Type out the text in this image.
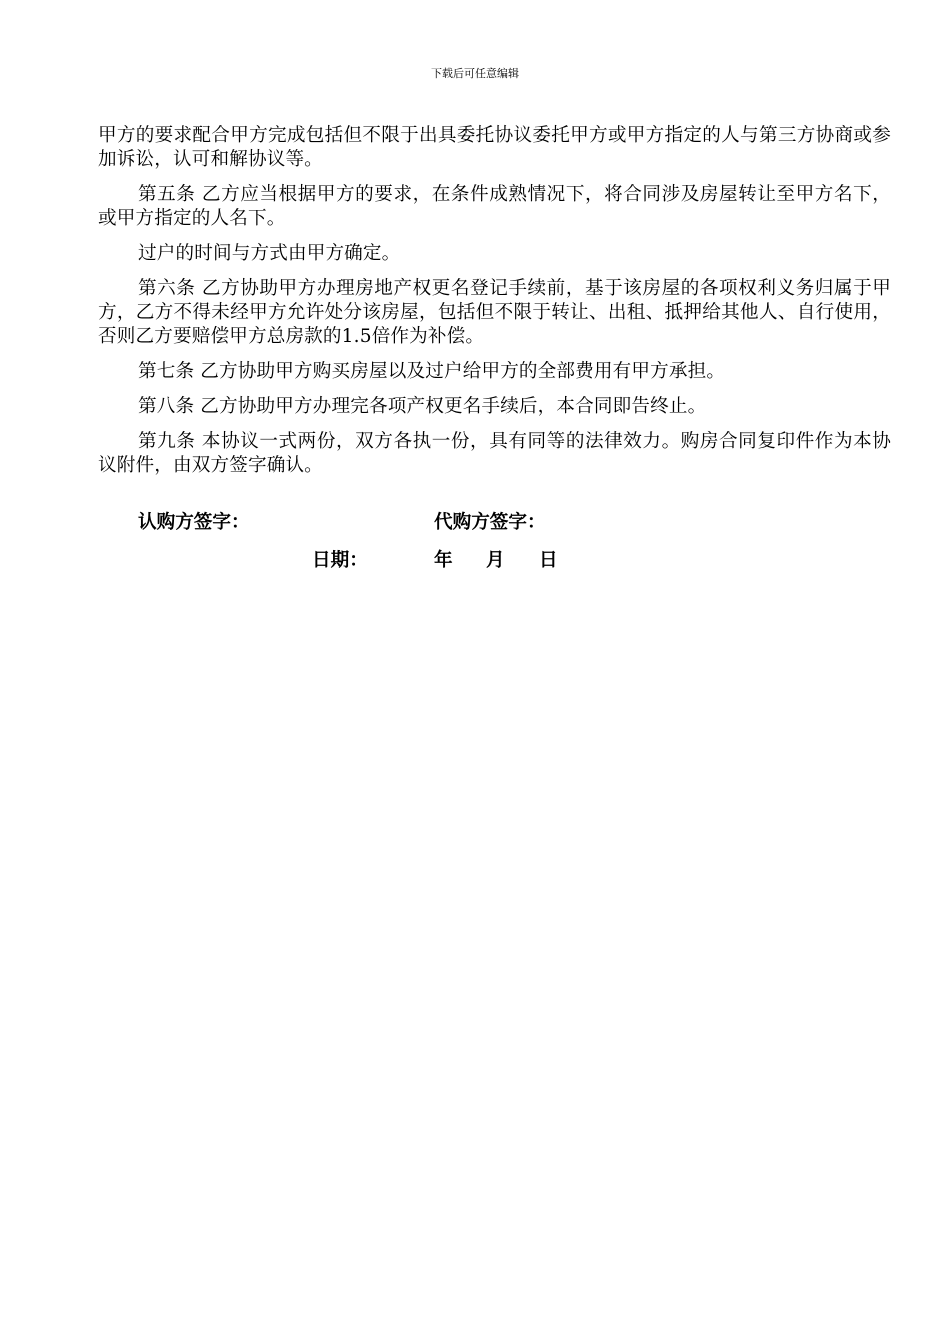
下载后可任意编辑

甲方的要求配合甲方完成包括但不限于出具委托协议委托甲方或甲方指定的人与第三方协商或参加诉讼，认可和解协议等。

第五条 乙方应当根据甲方的要求，在条件成熟情况下，将合同涉及房屋转让至甲方名下，或甲方指定的人名下。

过户的时间与方式由甲方确定。

第六条 乙方协助甲方办理房地产权更名登记手续前，基于该房屋的各项权利义务归属于甲方，乙方不得未经甲方允许处分该房屋，包括但不限于转让、出租、抵押给其他人、自行使用，否则乙方要赔偿甲方总房款的1.5倍作为补偿。

第七条 乙方协助甲方购买房屋以及过户给甲方的全部费用有甲方承担。

第八条 乙方协助甲方办理完各项产权更名手续后，本合同即告终止。

第九条 本协议一式两份，双方各执一份，具有同等的法律效力。购房合同复印件作为本协议附件，由双方签字确认。

认购方签字：	代购方签字：
日期：	年 月 日
